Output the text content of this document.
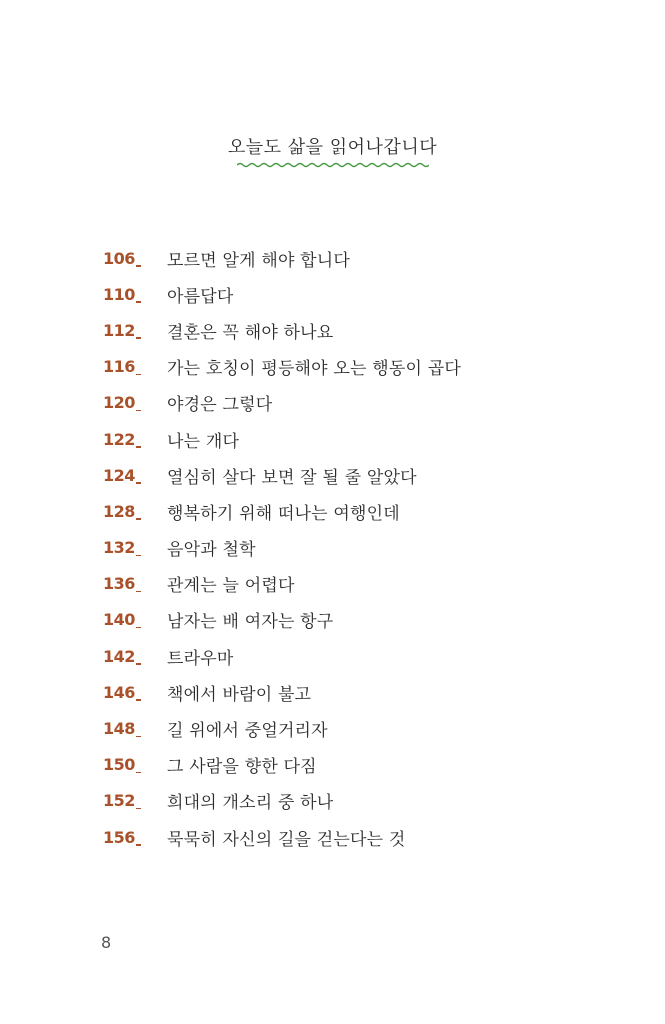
오늘도 삶을 읽어나갑니다
106	모르면 알게 해야 합니다
110	아름답다
112	결혼은 꼭 해야 하나요
116	가는 호칭이 평등해야 오는 행동이 곱다
120	야경은 그렇다
122	나는 개다
124	열심히 살다 보면 잘 될 줄 알았다
128	행복하기 위해 떠나는 여행인데
132	음악과 철학
136	관계는 늘 어렵다
140	남자는 배 여자는 항구
142	트라우마
146	책에서 바람이 불고
148	길 위에서 중얼거리자
150	그 사람을 향한 다짐
152	희대의 개소리 중 하나
156	묵묵히 자신의 길을 걷는다는 것
8
